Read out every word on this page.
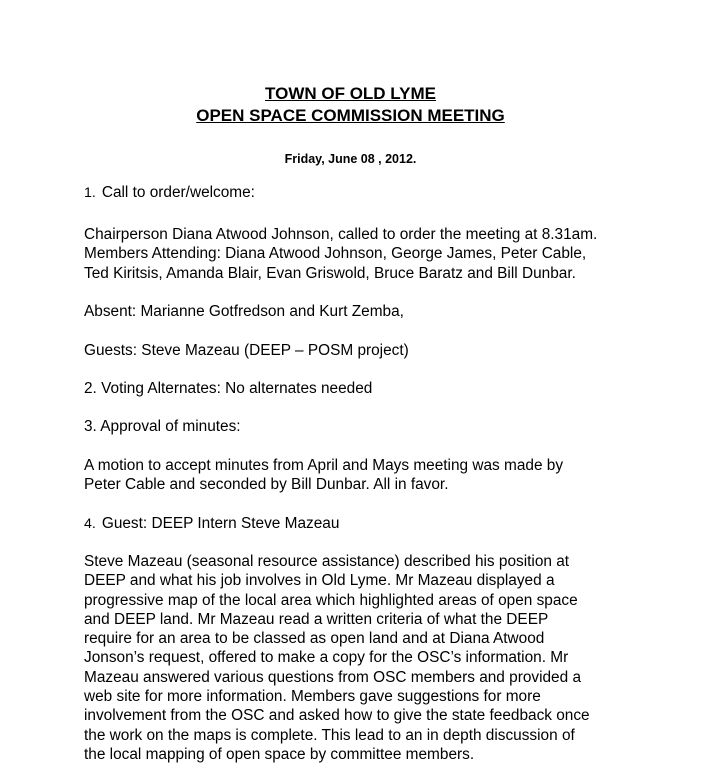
TOWN OF OLD LYME
OPEN SPACE COMMISSION MEETING
Friday, June 08 , 2012.
1. Call to order/welcome:
Chairperson Diana Atwood Johnson, called to order the meeting at 8.31am.
Members Attending: Diana Atwood Johnson, George James, Peter Cable,
Ted Kiritsis, Amanda Blair, Evan Griswold, Bruce Baratz and Bill Dunbar.
Absent: Marianne Gotfredson and Kurt Zemba,
Guests: Steve Mazeau (DEEP – POSM project)
2. Voting Alternates: No alternates needed
3. Approval of minutes:
A motion to accept minutes from April and Mays meeting was made by
Peter Cable and seconded by Bill Dunbar. All in favor.
4. Guest: DEEP Intern Steve Mazeau
Steve Mazeau (seasonal resource assistance) described his position at
DEEP and what his job involves in Old Lyme. Mr Mazeau displayed a
progressive map of the local area which highlighted areas of open space
and DEEP land. Mr Mazeau read a written criteria of what the DEEP
require for an area to be classed as open land and at Diana Atwood
Jonson’s request, offered to make a copy for the OSC’s information. Mr
Mazeau answered various questions from OSC members and provided a
web site for more information. Members gave suggestions for more
involvement from the OSC and asked how to give the state feedback once
the work on the maps is complete. This lead to an in depth discussion of
the local mapping of open space by committee members.
